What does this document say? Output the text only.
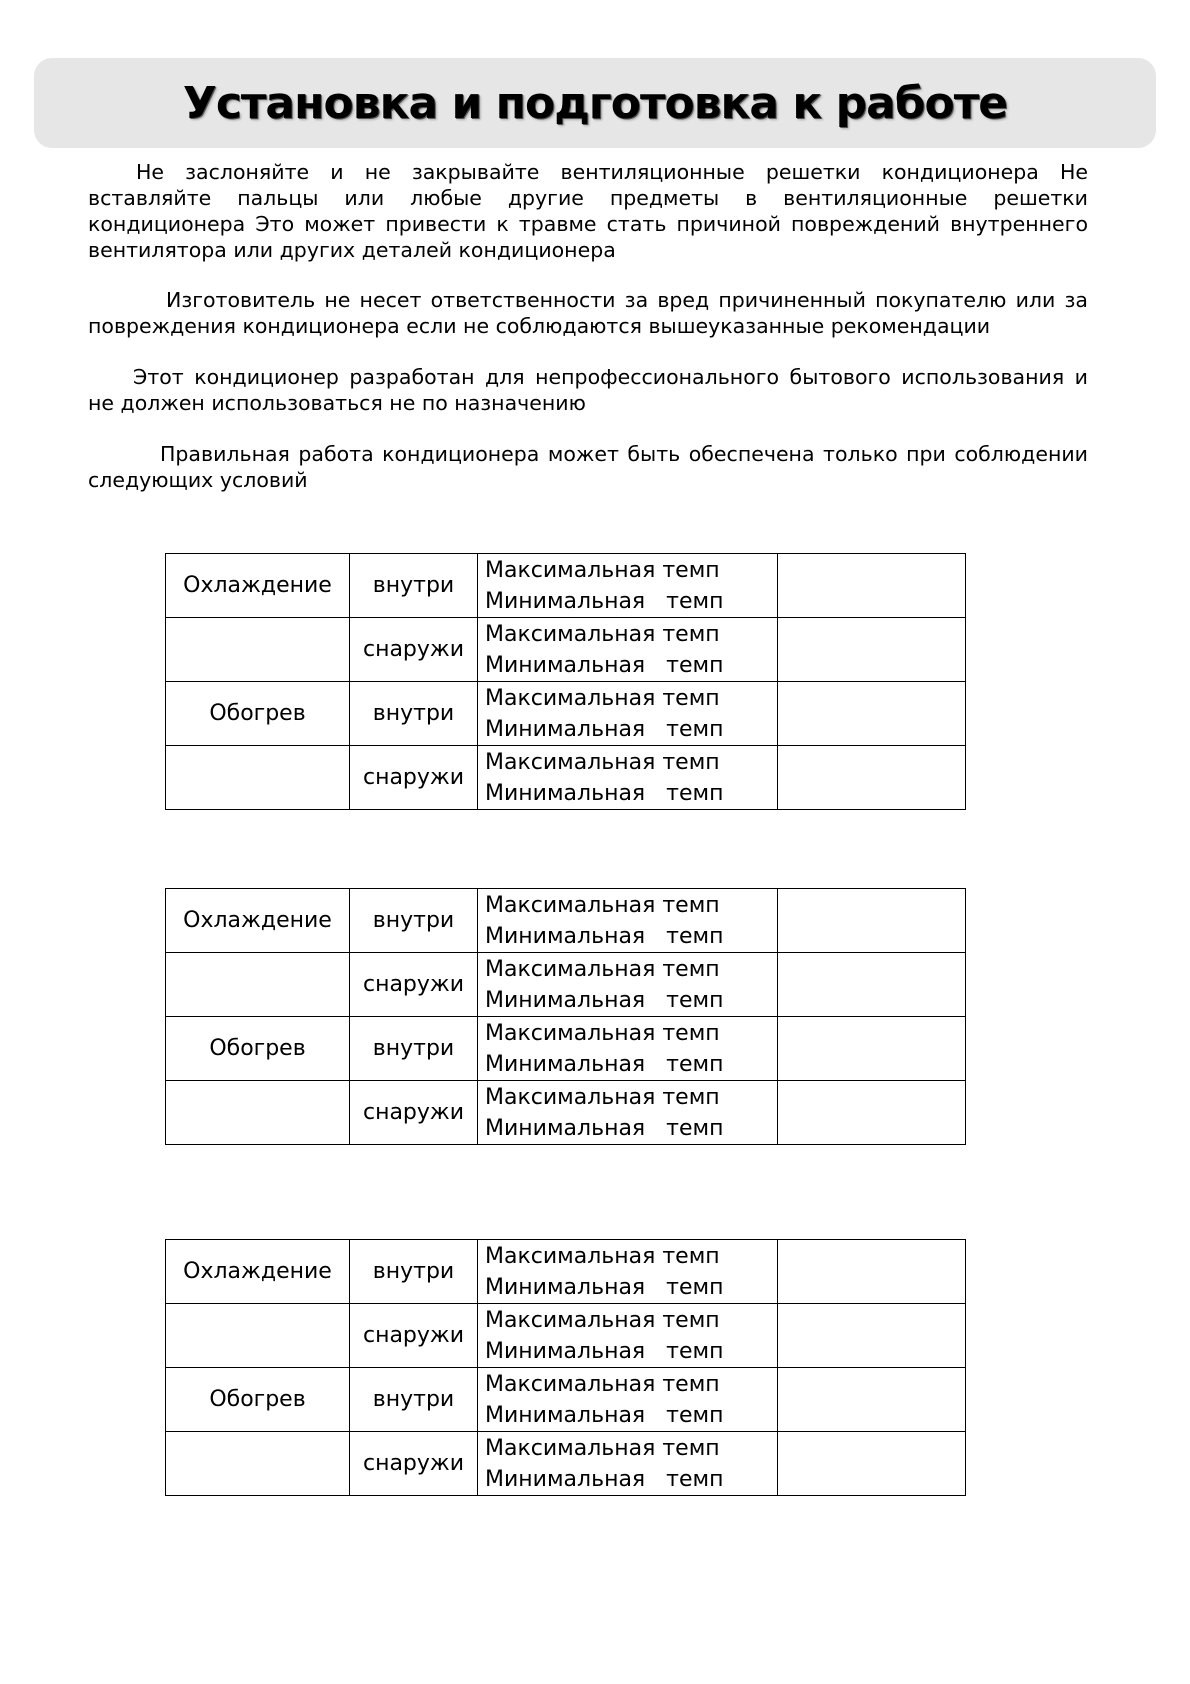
Установка и подготовка к работе

Не заслоняйте и не закрывайте вентиляционные решетки кондиционера Не вставляйте пальцы или любые другие предметы в вентиляционные решетки кондиционера Это может привести к травме стать причиной повреждений внутреннего вентилятора или других деталей кондиционера

Изготовитель не несет ответственности за вред причиненный покупателю или за повреждения кондиционера если не соблюдаются вышеуказанные рекомендации

Этот кондиционер разработан для непрофессионального бытового использования и не должен использоваться не по назначению

Правильная работа кондиционера может быть обеспечена только при соблюдении следующих условий

Охлаждение	внутри	Максимальная темп
Минимальная   темп	

	снаружи	Максимальная темп
Минимальная   темп	

Обогрев	внутри	Максимальная темп
Минимальная   темп	

	снаружи	Максимальная темп
Минимальная   темп	

Охлаждение	внутри	Максимальная темп
Минимальная   темп	

	снаружи	Максимальная темп
Минимальная   темп	

Обогрев	внутри	Максимальная темп
Минимальная   темп	

	снаружи	Максимальная темп
Минимальная   темп	

Охлаждение	внутри	Максимальная темп
Минимальная   темп	

	снаружи	Максимальная темп
Минимальная   темп	

Обогрев	внутри	Максимальная темп
Минимальная   темп	

	снаружи	Максимальная темп
Минимальная   темп	
